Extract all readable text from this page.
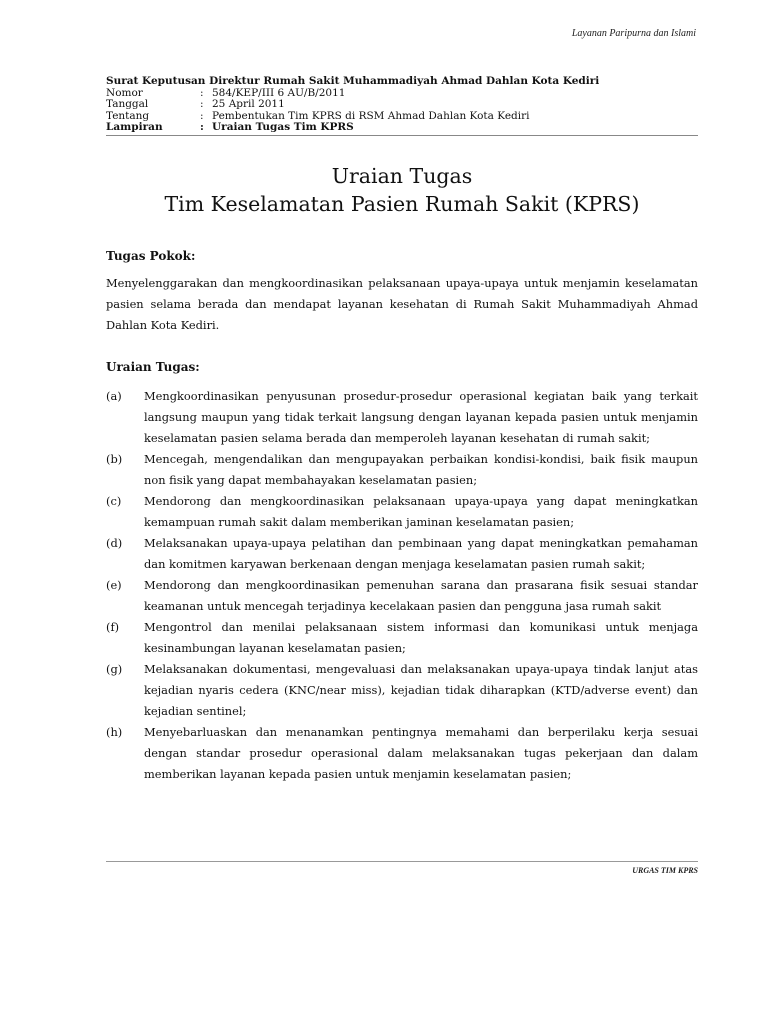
Layanan Paripurna dan Islami
Surat Keputusan Direktur Rumah Sakit Muhammadiyah Ahmad Dahlan Kota Kediri
Nomor	: 584/KEP/III 6 AU/B/2011
Tanggal	: 25 April 2011
Tentang	: Pembentukan Tim KPRS di RSM Ahmad Dahlan Kota Kediri
Lampiran	: Uraian Tugas Tim KPRS
Uraian Tugas
Tim Keselamatan Pasien Rumah Sakit (KPRS)
Tugas Pokok:
Menyelenggarakan dan mengkoordinasikan pelaksanaan upaya-upaya untuk menjamin keselamatan pasien selama berada dan mendapat layanan kesehatan di Rumah Sakit Muhammadiyah Ahmad Dahlan Kota Kediri.
Uraian Tugas:
(a)	Mengkoordinasikan penyusunan prosedur-prosedur operasional kegiatan baik yang terkait langsung maupun yang tidak terkait langsung dengan layanan kepada pasien untuk menjamin keselamatan pasien selama berada dan memperoleh layanan kesehatan di rumah sakit;
(b)	Mencegah, mengendalikan dan mengupayakan perbaikan kondisi-kondisi, baik fisik maupun non fisik yang dapat membahayakan keselamatan pasien;
(c)	Mendorong dan mengkoordinasikan pelaksanaan upaya-upaya yang dapat meningkatkan kemampuan rumah sakit dalam memberikan jaminan keselamatan pasien;
(d)	Melaksanakan upaya-upaya pelatihan dan pembinaan yang dapat meningkatkan pemahaman dan komitmen karyawan berkenaan dengan menjaga keselamatan pasien rumah sakit;
(e)	Mendorong dan mengkoordinasikan pemenuhan sarana dan prasarana fisik sesuai standar keamanan untuk mencegah terjadinya kecelakaan pasien dan pengguna jasa rumah sakit
(f)	Mengontrol dan menilai pelaksanaan sistem informasi dan komunikasi untuk menjaga kesinambungan layanan keselamatan pasien;
(g)	Melaksanakan dokumentasi, mengevaluasi dan melaksanakan upaya-upaya tindak lanjut atas kejadian nyaris cedera (KNC/near miss), kejadian tidak diharapkan (KTD/adverse event) dan kejadian sentinel;
(h)	Menyebarluaskan dan menanamkan pentingnya memahami dan berperilaku kerja sesuai dengan standar prosedur operasional dalam melaksanakan tugas pekerjaan dan dalam memberikan layanan kepada pasien untuk menjamin keselamatan pasien;
URGAS TIM KPRS
